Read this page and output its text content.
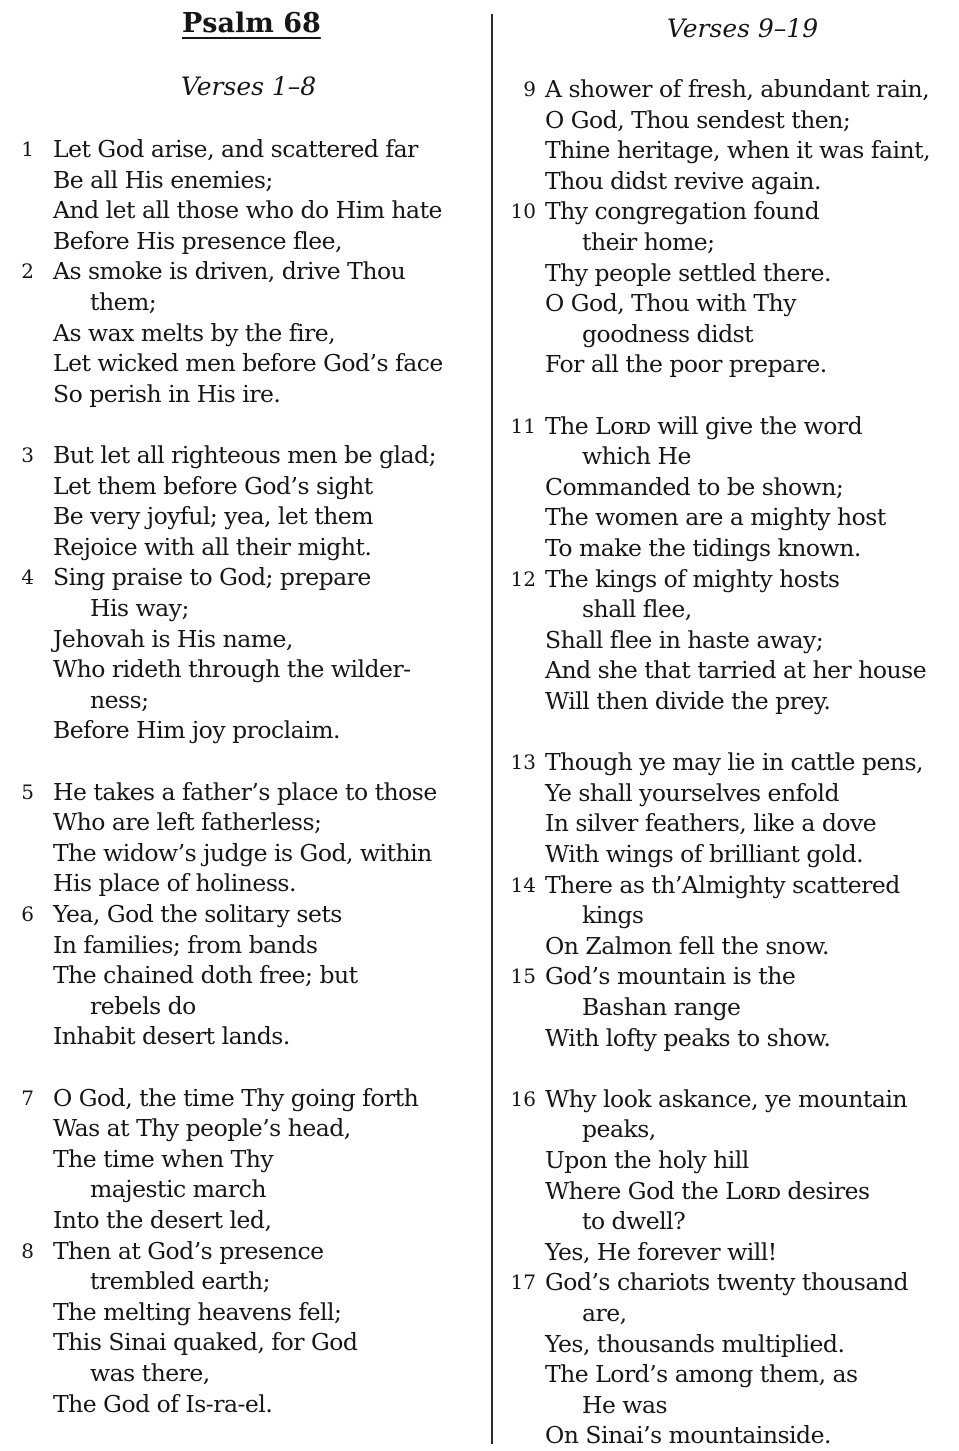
Psalm 68
Verses 1–8
Verses 9–19
1 Let God arise, and scattered far
Be all His enemies;
And let all those who do Him hate
Before His presence flee,
2 As smoke is driven, drive Thou
them;
As wax melts by the fire,
Let wicked men before God’s face
So perish in His ire.
3 But let all righteous men be glad;
Let them before God’s sight
Be very joyful; yea, let them
Rejoice with all their might.
4 Sing praise to God; prepare
His way;
Jehovah is His name,
Who rideth through the wilder-
ness;
Before Him joy proclaim.
5 He takes a father’s place to those
Who are left fatherless;
The widow’s judge is God, within
His place of holiness.
6 Yea, God the solitary sets
In families; from bands
The chained doth free; but
rebels do
Inhabit desert lands.
7 O God, the time Thy going forth
Was at Thy people’s head,
The time when Thy
majestic march
Into the desert led,
8 Then at God’s presence
trembled earth;
The melting heavens fell;
This Sinai quaked, for God
was there,
The God of Is-ra-el.
9 A shower of fresh, abundant rain,
O God, Thou sendest then;
Thine heritage, when it was faint,
Thou didst revive again.
10 Thy congregation found
their home;
Thy people settled there.
O God, Thou with Thy
goodness didst
For all the poor prepare.
11 The Lᴏʀᴅ will give the word
which He
Commanded to be shown;
The women are a mighty host
To make the tidings known.
12 The kings of mighty hosts
shall flee,
Shall flee in haste away;
And she that tarried at her house
Will then divide the prey.
13 Though ye may lie in cattle pens,
Ye shall yourselves enfold
In silver feathers, like a dove
With wings of brilliant gold.
14 There as th’Almighty scattered
kings
On Zalmon fell the snow.
15 God’s mountain is the
Bashan range
With lofty peaks to show.
16 Why look askance, ye mountain
peaks,
Upon the holy hill
Where God the Lᴏʀᴅ desires
to dwell?
Yes, He forever will!
17 God’s chariots twenty thousand
are,
Yes, thousands multiplied.
The Lord’s among them, as
He was
On Sinai’s mountainside.
